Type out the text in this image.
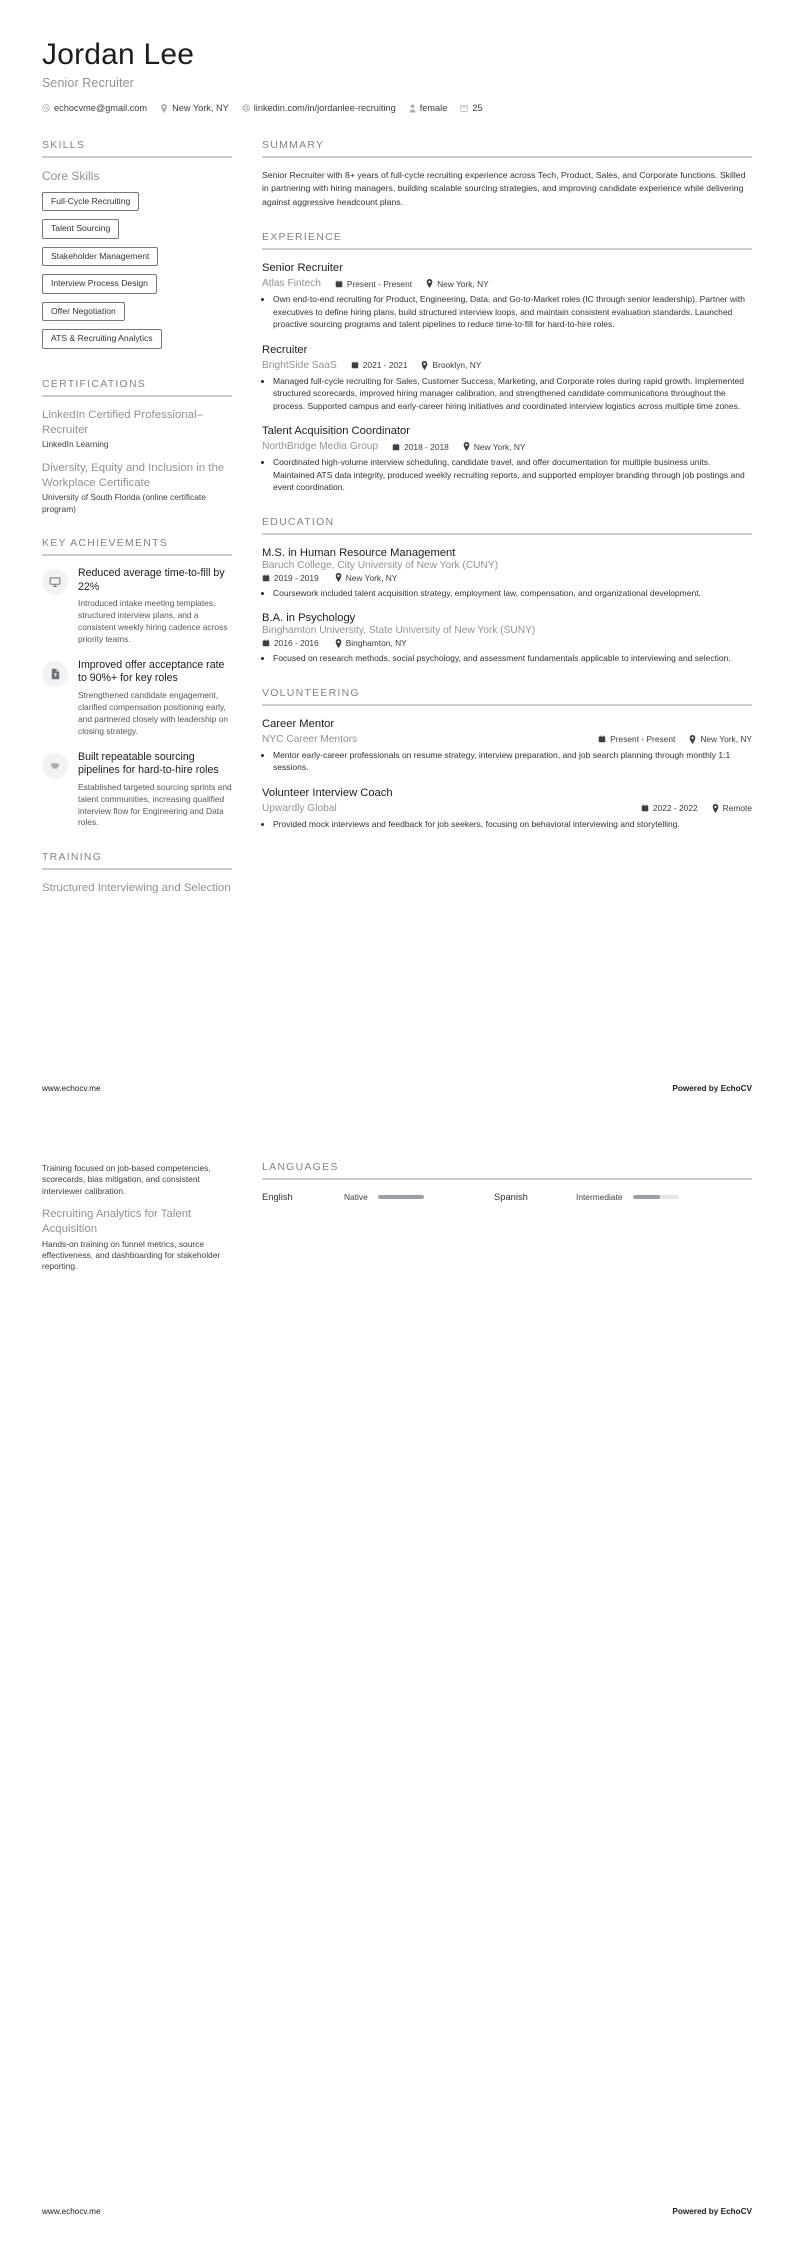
Jordan Lee
Senior Recruiter
echocvme@gmail.com	New York, NY	linkedin.com/in/jordanlee-recruiting	female	25
SKILLS
Core Skills
Full-Cycle Recruiting
Talent Sourcing
Stakeholder Management
Interview Process Design
Offer Negotiation
ATS & Recruiting Analytics
CERTIFICATIONS
LinkedIn Certified Professional–Recruiter
LinkedIn Learning
Diversity, Equity and Inclusion in the Workplace Certificate
University of South Florida (online certificate program)
KEY ACHIEVEMENTS
Reduced average time-to-fill by 22%
Introduced intake meeting templates, structured interview plans, and a consistent weekly hiring cadence across priority teams.
Improved offer acceptance rate to 90%+ for key roles
Strengthened candidate engagement, clarified compensation positioning early, and partnered closely with leadership on closing strategy.
Built repeatable sourcing pipelines for hard-to-hire roles
Established targeted sourcing sprints and talent communities, increasing qualified interview flow for Engineering and Data roles.
TRAINING
Structured Interviewing and Selection
SUMMARY
Senior Recruiter with 8+ years of full-cycle recruiting experience across Tech, Product, Sales, and Corporate functions. Skilled in partnering with hiring managers, building scalable sourcing strategies, and improving candidate experience while delivering against aggressive headcount plans.
EXPERIENCE
Senior Recruiter
Atlas Fintech	Present - Present	New York, NY
• Own end-to-end recruiting for Product, Engineering, Data, and Go-to-Market roles (IC through senior leadership). Partner with executives to define hiring plans, build structured interview loops, and maintain consistent evaluation standards. Launched proactive sourcing programs and talent pipelines to reduce time-to-fill for hard-to-hire roles.
Recruiter
BrightSide SaaS	2021 - 2021	Brooklyn, NY
• Managed full-cycle recruiting for Sales, Customer Success, Marketing, and Corporate roles during rapid growth. Implemented structured scorecards, improved hiring manager calibration, and strengthened candidate communications throughout the process. Supported campus and early-career hiring initiatives and coordinated interview logistics across multiple time zones.
Talent Acquisition Coordinator
NorthBridge Media Group	2018 - 2018	New York, NY
• Coordinated high-volume interview scheduling, candidate travel, and offer documentation for multiple business units. Maintained ATS data integrity, produced weekly recruiting reports, and supported employer branding through job postings and event coordination.
EDUCATION
M.S. in Human Resource Management
Baruch College, City University of New York (CUNY)
2019 - 2019	New York, NY
• Coursework included talent acquisition strategy, employment law, compensation, and organizational development.
B.A. in Psychology
Binghamton University, State University of New York (SUNY)
2016 - 2016	Binghamton, NY
• Focused on research methods, social psychology, and assessment fundamentals applicable to interviewing and selection.
VOLUNTEERING
Career Mentor
NYC Career Mentors	Present - Present	New York, NY
• Mentor early-career professionals on resume strategy, interview preparation, and job search planning through monthly 1:1 sessions.
Volunteer Interview Coach
Upwardly Global	2022 - 2022	Remote
• Provided mock interviews and feedback for job seekers, focusing on behavioral interviewing and storytelling.
www.echocv.me	Powered by EchoCV
Training focused on job-based competencies, scorecards, bias mitigation, and consistent interviewer calibration.
Recruiting Analytics for Talent Acquisition
Hands-on training on funnel metrics, source effectiveness, and dashboarding for stakeholder reporting.
LANGUAGES
English	Native	Spanish	Intermediate
www.echocv.me	Powered by EchoCV
